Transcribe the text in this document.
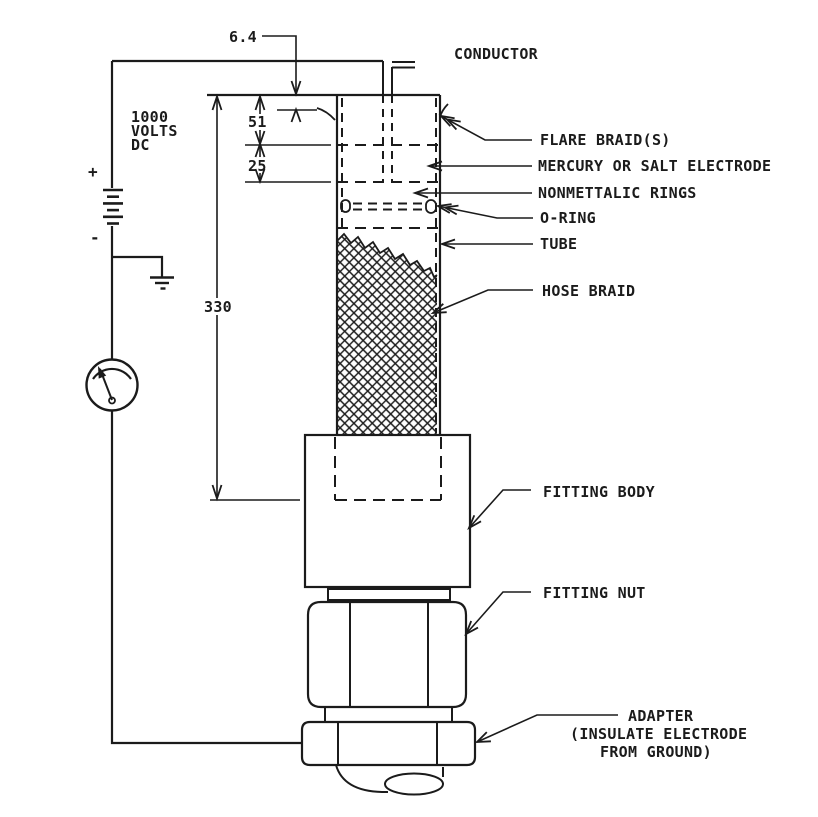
+
-
1000
VOLTS
DC
6.4
51
25
330
CONDUCTOR
FLARE BRAID(S)
MERCURY OR SALT ELECTRODE
NONMETTALIC RINGS
O-RING
TUBE
HOSE BRAID
FITTING BODY
FITTING NUT
ADAPTER
(INSULATE ELECTRODE
FROM GROUND)
